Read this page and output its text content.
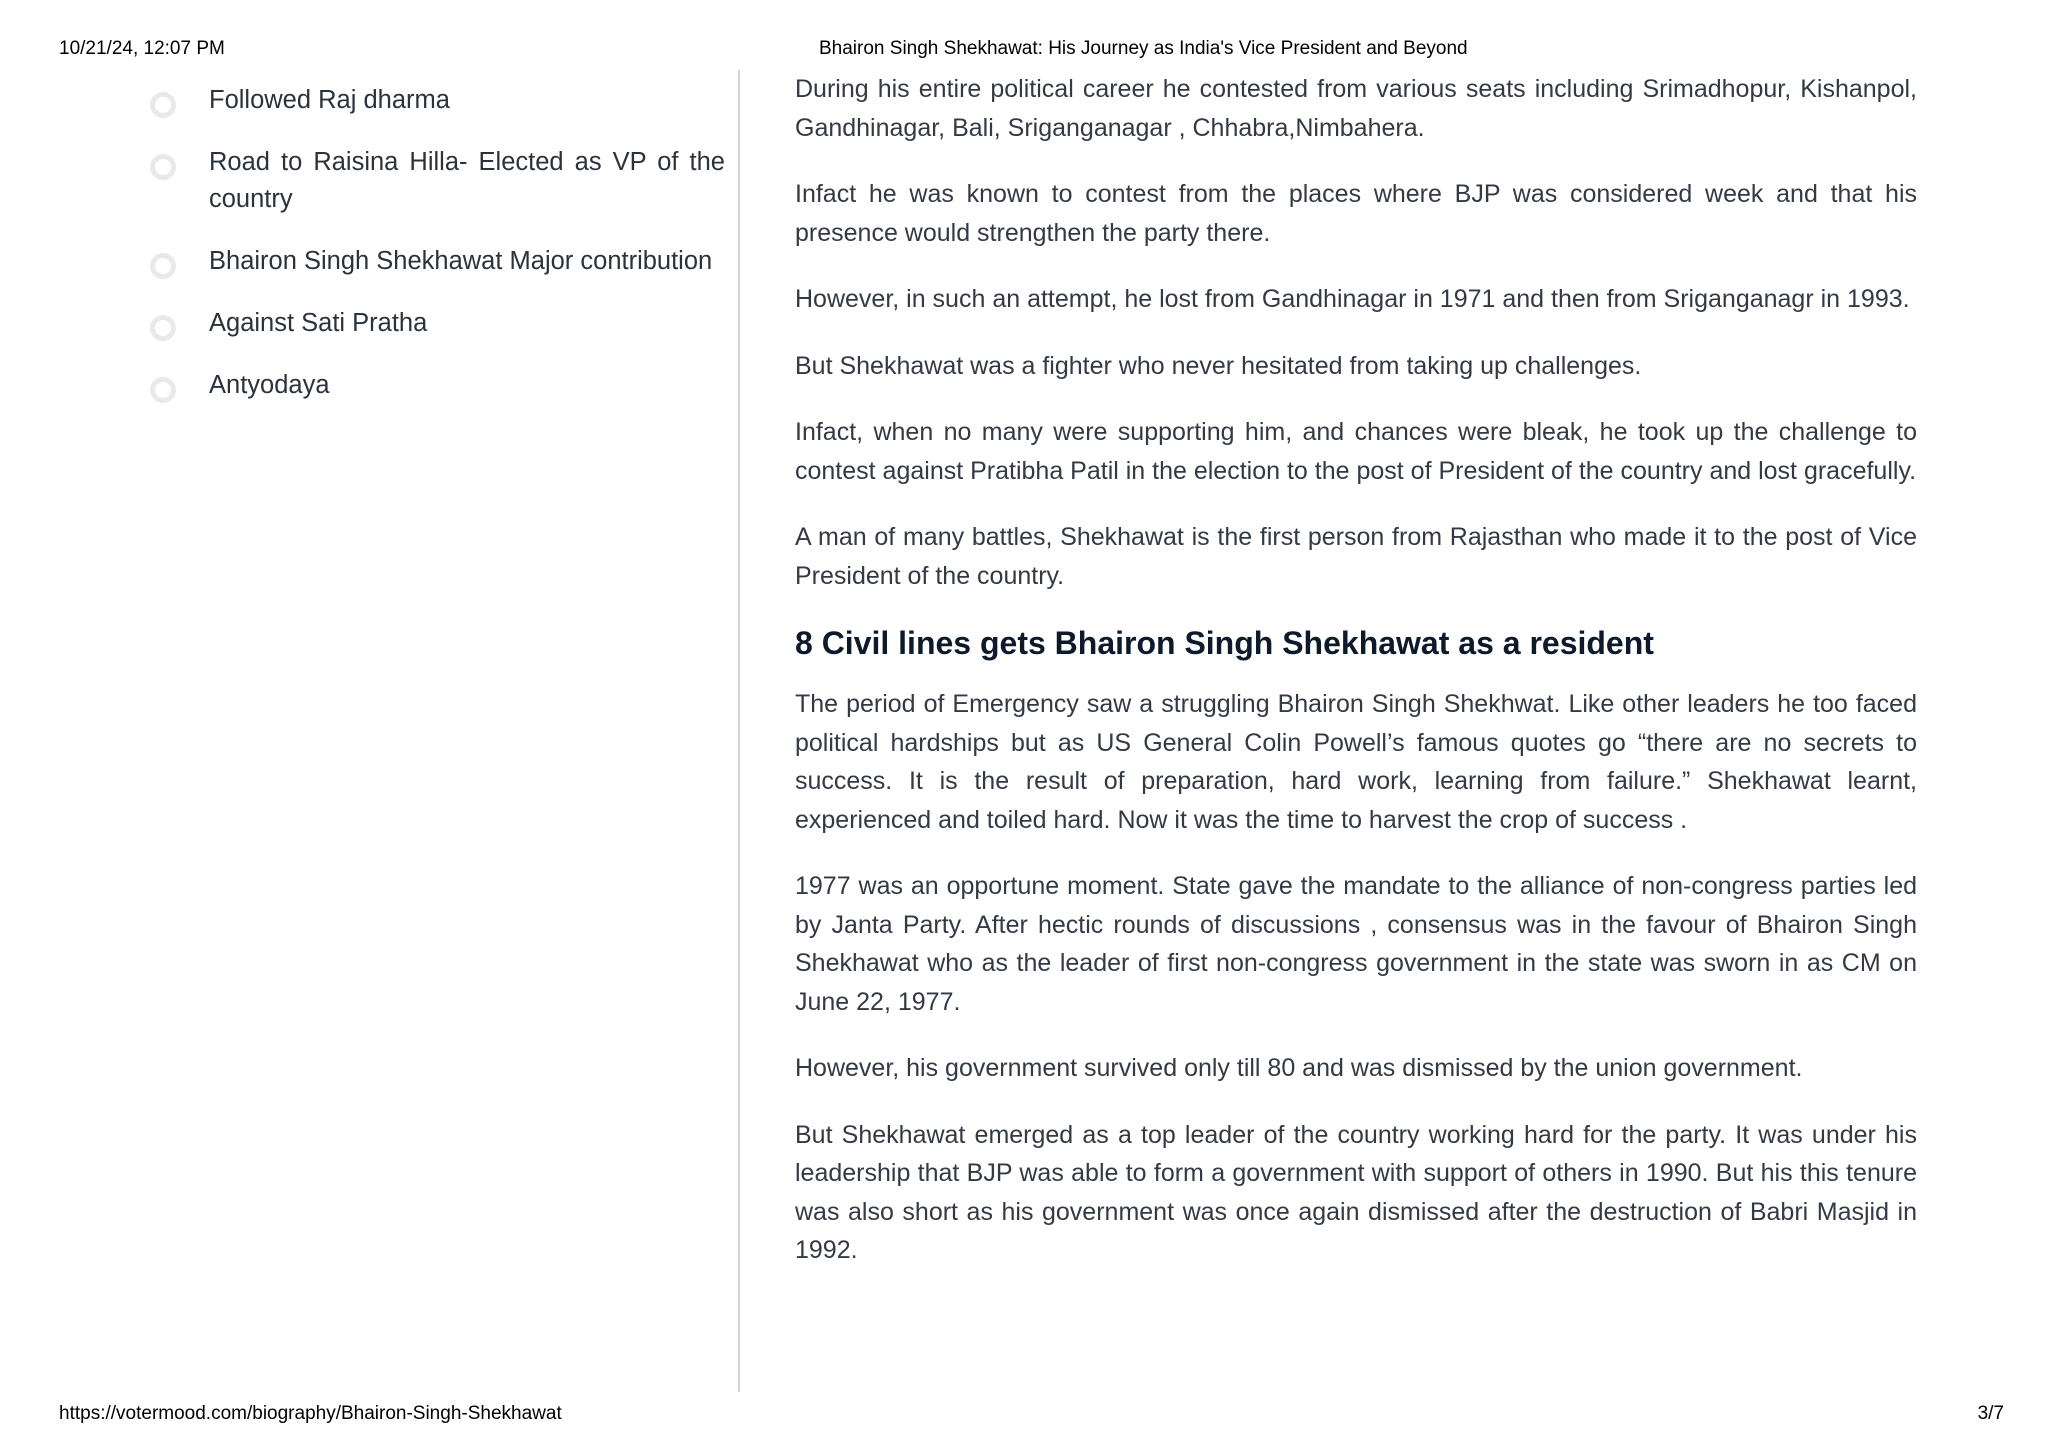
10/21/24, 12:07 PM	Bhairon Singh Shekhawat: His Journey as India's Vice President and Beyond
Followed Raj dharma
Road to Raisina Hilla- Elected as VP of the country
Bhairon Singh Shekhawat Major contribution
Against Sati Pratha
Antyodaya

During his entire political career he contested from various seats including Srimadhopur, Kishanpol, Gandhinagar, Bali, Sriganganagar , Chhabra,Nimbahera.

Infact he was known to contest from the places where BJP was considered week and that his presence would strengthen the party there.

However, in such an attempt, he lost from Gandhinagar in 1971 and then from Sriganganagr in 1993.

But Shekhawat was a fighter who never hesitated from taking up challenges.

Infact, when no many were supporting him, and chances were bleak, he took up the challenge to contest against Pratibha Patil in the election to the post of President of the country and lost gracefully.

A man of many battles, Shekhawat is the first person from Rajasthan who made it to the post of Vice President of the country.

8 Civil lines gets Bhairon Singh Shekhawat as a resident

The period of Emergency saw a struggling Bhairon Singh Shekhwat. Like other leaders he too faced political hardships but as US General Colin Powell’s famous quotes go “there are no secrets to success. It is the result of preparation, hard work, learning from failure.” Shekhawat learnt, experienced and toiled hard. Now it was the time to harvest the crop of success .

1977 was an opportune moment. State gave the mandate to the alliance of non-congress parties led by Janta Party. After hectic rounds of discussions , consensus was in the favour of Bhairon Singh Shekhawat who as the leader of first non-congress government in the state was sworn in as CM on June 22, 1977.

However, his government survived only till 80 and was dismissed by the union government.

But Shekhawat emerged as a top leader of the country working hard for the party. It was under his leadership that BJP was able to form a government with support of others in 1990. But his this tenure was also short as his government was once again dismissed after the destruction of Babri Masjid in 1992.

https://votermood.com/biography/Bhairon-Singh-Shekhawat	3/7
